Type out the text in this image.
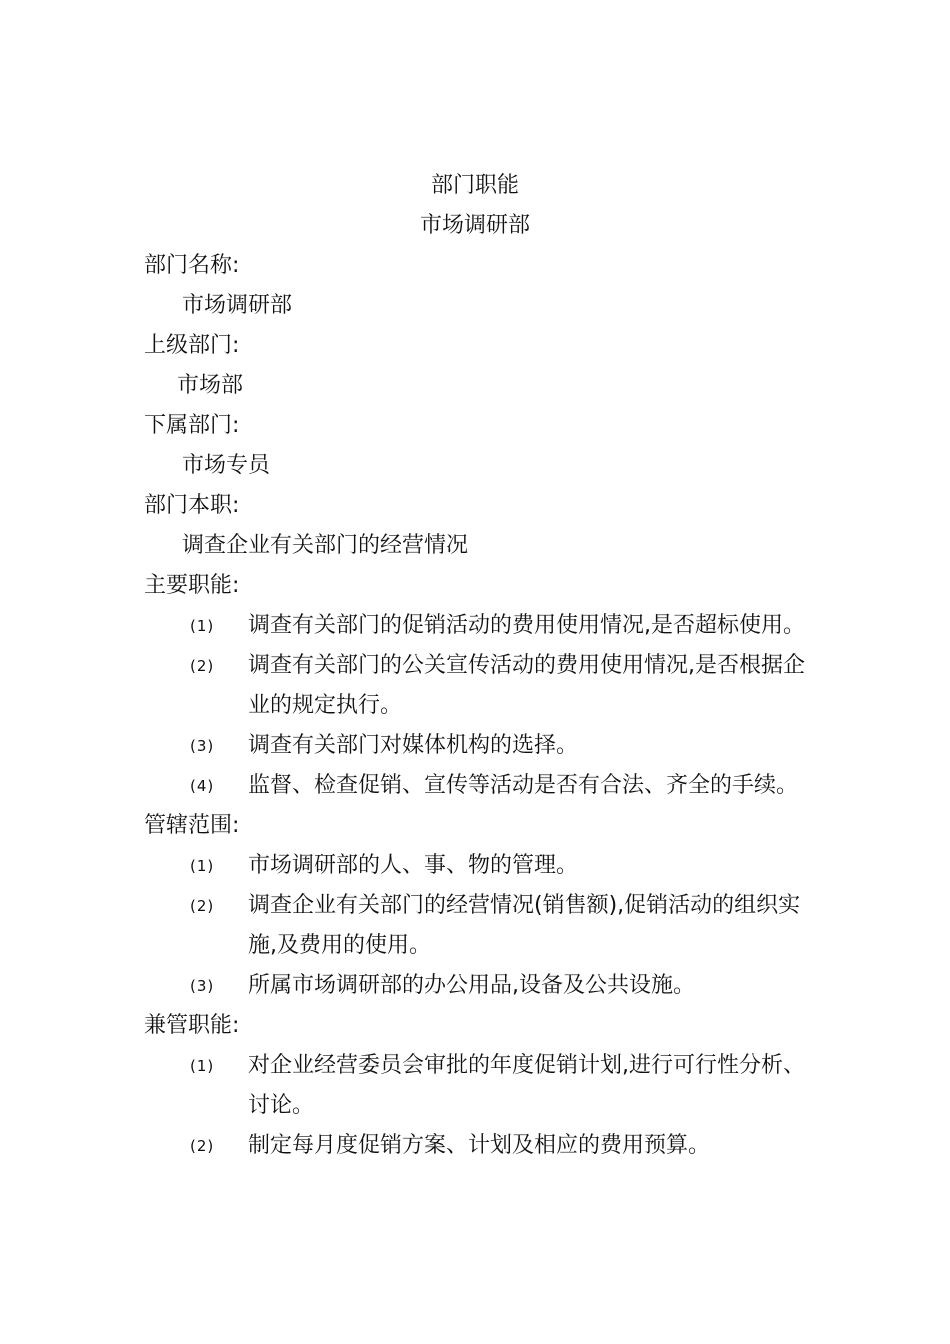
部门职能
市场调研部
部门名称:
市场调研部
上级部门:
市场部
下属部门:
市场专员
部门本职:
调查企业有关部门的经营情况
主要职能:
(1)	调查有关部门的促销活动的费用使用情况,是否超标使用。
(2)	调查有关部门的公关宣传活动的费用使用情况,是否根据企业的规定执行。
(3)	调查有关部门对媒体机构的选择。
(4)	监督、检查促销、宣传等活动是否有合法、齐全的手续。
管辖范围:
(1)	市场调研部的人、事、物的管理。
(2)	调查企业有关部门的经营情况(销售额),促销活动的组织实施,及费用的使用。
(3)	所属市场调研部的办公用品,设备及公共设施。
兼管职能:
(1)	对企业经营委员会审批的年度促销计划,进行可行性分析、讨论。
(2)	制定每月度促销方案、计划及相应的费用预算。
